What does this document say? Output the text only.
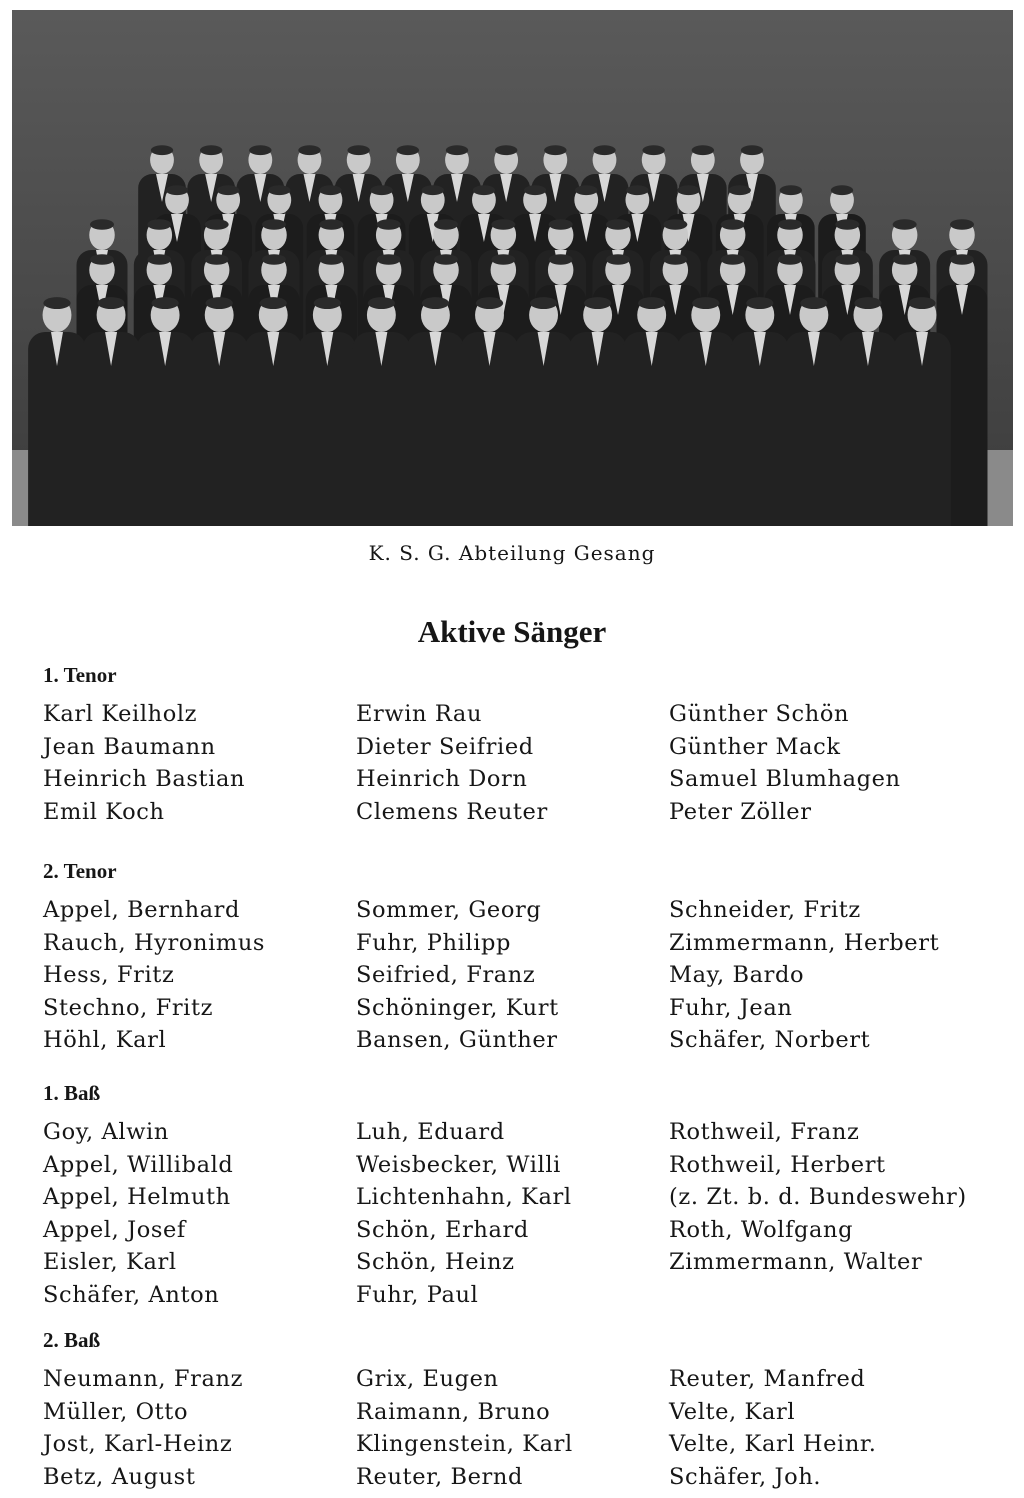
K. S. G. Abteilung Gesang
Aktive Sänger
1. Tenor
Karl Keilholz
Jean Baumann
Heinrich Bastian
Emil Koch
Erwin Rau
Dieter Seifried
Heinrich Dorn
Clemens Reuter
Günther Schön
Günther Mack
Samuel Blumhagen
Peter Zöller
2. Tenor
Appel, Bernhard
Rauch, Hyronimus
Hess, Fritz
Stechno, Fritz
Höhl, Karl
Sommer, Georg
Fuhr, Philipp
Seifried, Franz
Schöninger, Kurt
Bansen, Günther
Schneider, Fritz
Zimmermann, Herbert
May, Bardo
Fuhr, Jean
Schäfer, Norbert
1. Baß
Goy, Alwin
Appel, Willibald
Appel, Helmuth
Appel, Josef
Eisler, Karl
Schäfer, Anton
Luh, Eduard
Weisbecker, Willi
Lichtenhahn, Karl
Schön, Erhard
Schön, Heinz
Fuhr, Paul
Rothweil, Franz
Rothweil, Herbert
(z. Zt. b. d. Bundeswehr)
Roth, Wolfgang
Zimmermann, Walter
2. Baß
Neumann, Franz
Müller, Otto
Jost, Karl-Heinz
Betz, August
Grix, Eugen
Raimann, Bruno
Klingenstein, Karl
Reuter, Bernd
Reuter, Manfred
Velte, Karl
Velte, Karl Heinr.
Schäfer, Joh.
